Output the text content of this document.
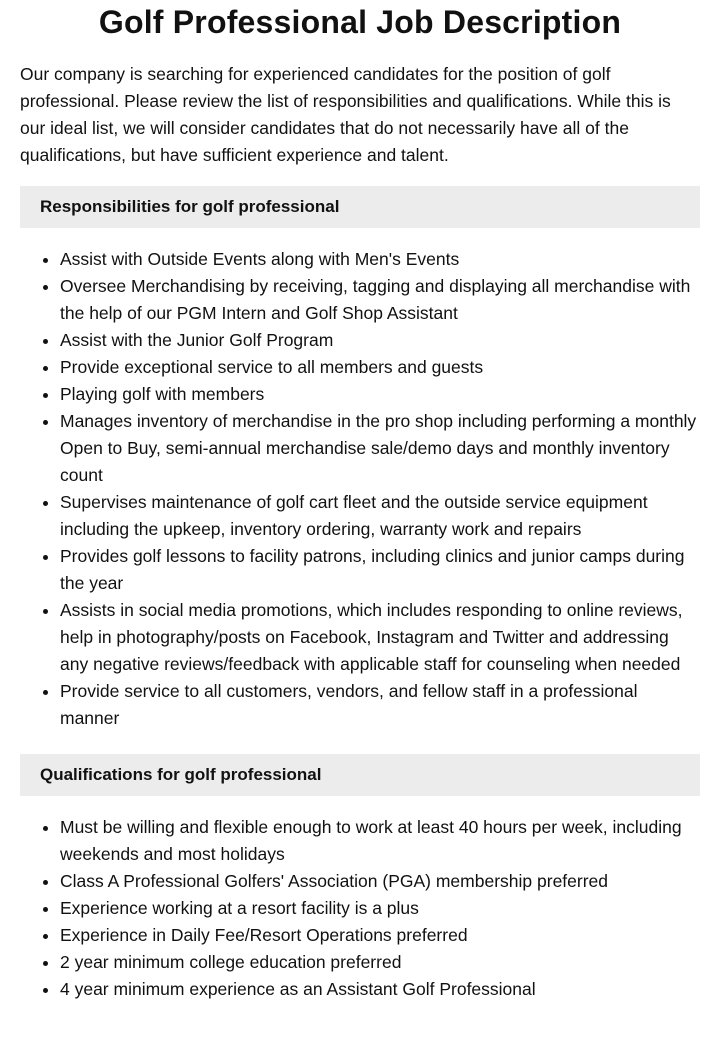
Golf Professional Job Description

Our company is searching for experienced candidates for the position of golf professional. Please review the list of responsibilities and qualifications. While this is our ideal list, we will consider candidates that do not necessarily have all of the qualifications, but have sufficient experience and talent.

Responsibilities for golf professional
• Assist with Outside Events along with Men's Events
• Oversee Merchandising by receiving, tagging and displaying all merchandise with the help of our PGM Intern and Golf Shop Assistant
• Assist with the Junior Golf Program
• Provide exceptional service to all members and guests
• Playing golf with members
• Manages inventory of merchandise in the pro shop including performing a monthly Open to Buy, semi-annual merchandise sale/demo days and monthly inventory count
• Supervises maintenance of golf cart fleet and the outside service equipment including the upkeep, inventory ordering, warranty work and repairs
• Provides golf lessons to facility patrons, including clinics and junior camps during the year
• Assists in social media promotions, which includes responding to online reviews, help in photography/posts on Facebook, Instagram and Twitter and addressing any negative reviews/feedback with applicable staff for counseling when needed
• Provide service to all customers, vendors, and fellow staff in a professional manner
Qualifications for golf professional
• Must be willing and flexible enough to work at least 40 hours per week, including weekends and most holidays
• Class A Professional Golfers' Association (PGA) membership preferred
• Experience working at a resort facility is a plus
• Experience in Daily Fee/Resort Operations preferred
• 2 year minimum college education preferred
• 4 year minimum experience as an Assistant Golf Professional
